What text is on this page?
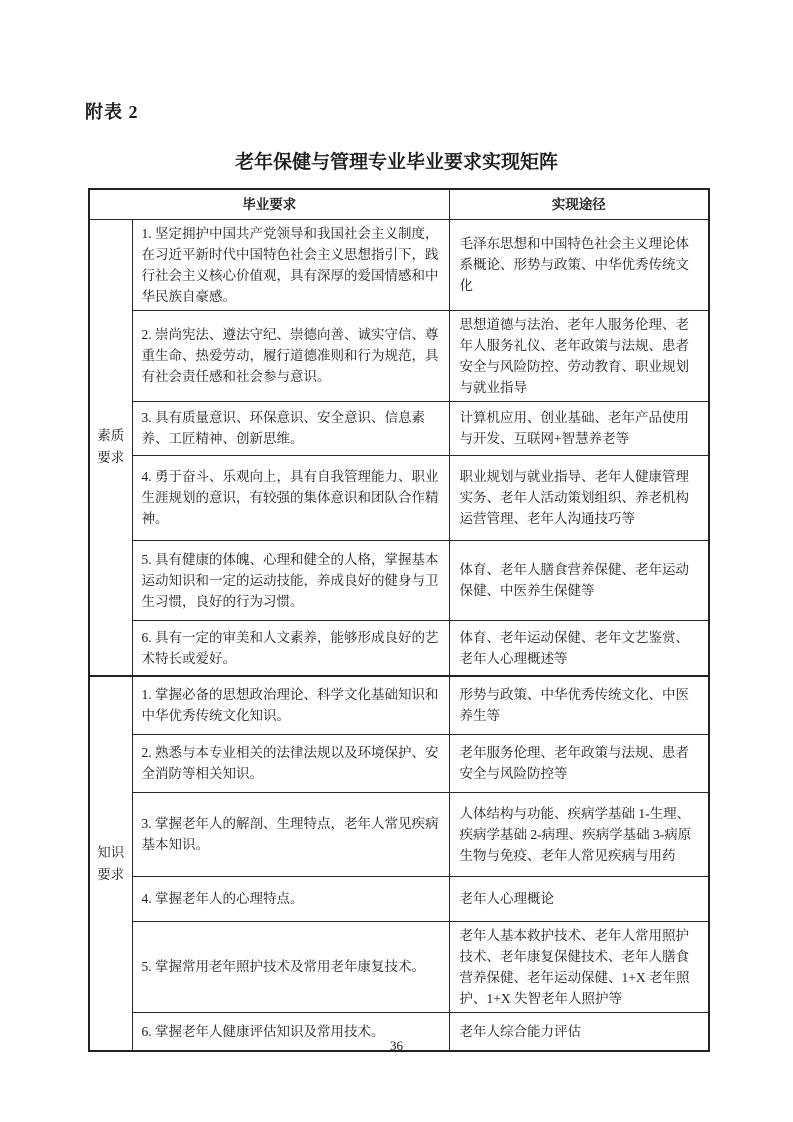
附表 2
老年保健与管理专业毕业要求实现矩阵
毕业要求		实现途径
素质要求	1. 坚定拥护中国共产党领导和我国社会主义制度，在习近平新时代中国特色社会主义思想指引下，践行社会主义核心价值观，具有深厚的爱国情感和中华民族自豪感。	毛泽东思想和中国特色社会主义理论体系概论、形势与政策、中华优秀传统文化
	2. 崇尚宪法、遵法守纪、崇德向善、诚实守信、尊重生命、热爱劳动，履行道德准则和行为规范，具有社会责任感和社会参与意识。	思想道德与法治、老年人服务伦理、老年人服务礼仪、老年政策与法规、患者安全与风险防控、劳动教育、职业规划与就业指导
	3. 具有质量意识、环保意识、安全意识、信息素养、工匠精神、创新思维。	计算机应用、创业基础、老年产品使用与开发、互联网+智慧养老等
	4. 勇于奋斗、乐观向上，具有自我管理能力、职业生涯规划的意识，有较强的集体意识和团队合作精神。	职业规划与就业指导、老年人健康管理实务、老年人活动策划组织、养老机构运营管理、老年人沟通技巧等
	5. 具有健康的体魄、心理和健全的人格，掌握基本运动知识和一定的运动技能，养成良好的健身与卫生习惯，良好的行为习惯。	体育、老年人膳食营养保健、老年运动保健、中医养生保健等
	6. 具有一定的审美和人文素养，能够形成良好的艺术特长或爱好。	体育、老年运动保健、老年文艺鉴赏、老年人心理概述等
知识要求	1. 掌握必备的思想政治理论、科学文化基础知识和中华优秀传统文化知识。	形势与政策、中华优秀传统文化、中医养生等
	2. 熟悉与本专业相关的法律法规以及环境保护、安全消防等相关知识。	老年服务伦理、老年政策与法规、患者安全与风险防控等
	3. 掌握老年人的解剖、生理特点，老年人常见疾病基本知识。	人体结构与功能、疾病学基础 1-生理、疾病学基础 2-病理、疾病学基础 3-病原生物与免疫、老年人常见疾病与用药
	4. 掌握老年人的心理特点。	老年人心理概论
	5. 掌握常用老年照护技术及常用老年康复技术。	老年人基本救护技术、老年人常用照护技术、老年康复保健技术、老年人膳食营养保健、老年运动保健、1+X 老年照护、1+X 失智老年人照护等
	6. 掌握老年人健康评估知识及常用技术。	老年人综合能力评估
36
